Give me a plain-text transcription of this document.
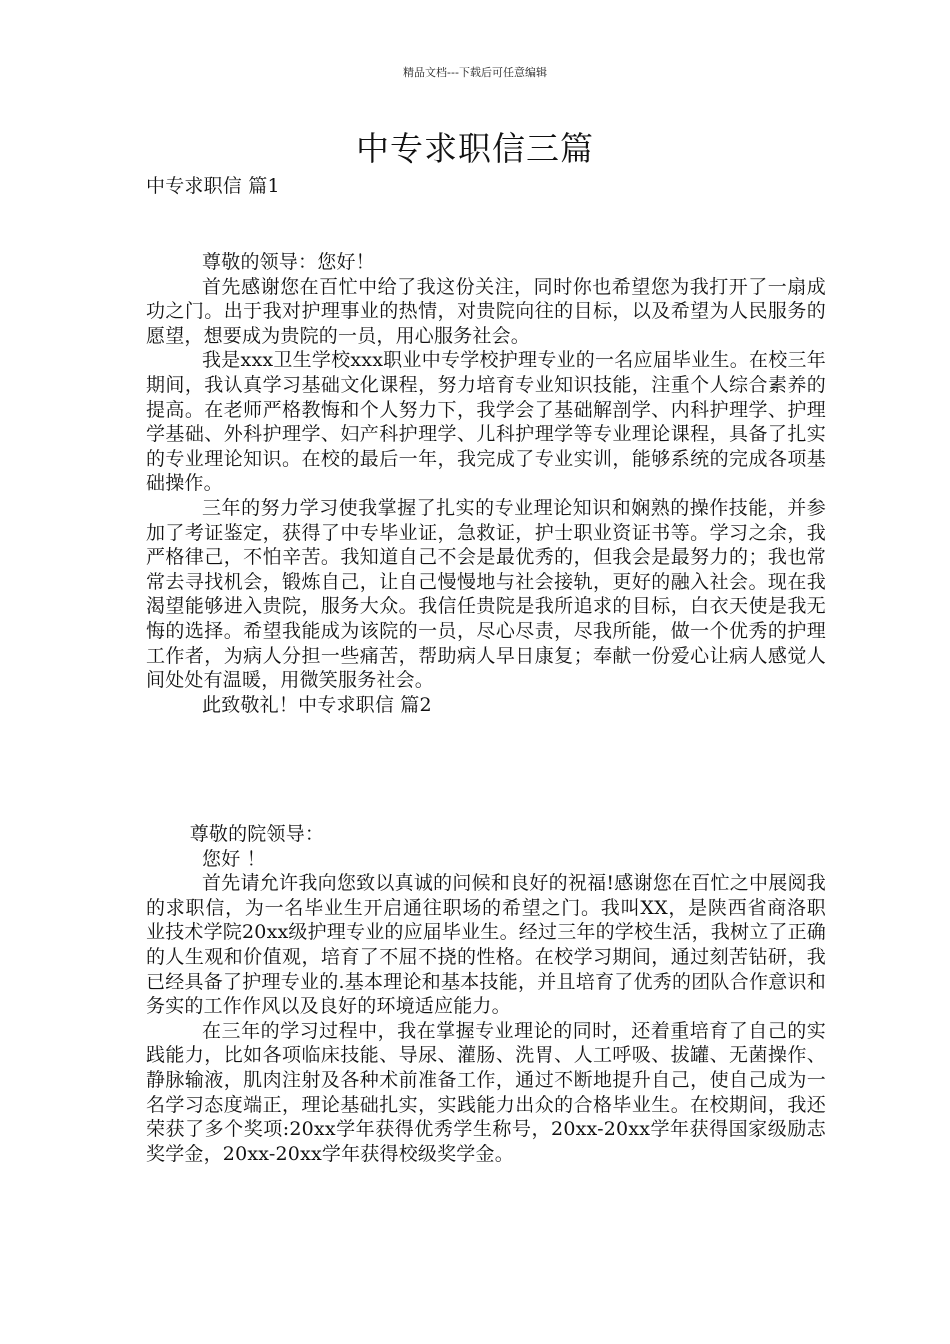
精品文档---下载后可任意编辑
中专求职信三篇

中专求职信 篇1

尊敬的领导：您好！

首先感谢您在百忙中给了我这份关注，同时你也希望您为我打开了一扇成功之门。出于我对护理事业的热情，对贵院向往的目标，以及希望为人民服务的愿望，想要成为贵院的一员，用心服务社会。

我是xxx卫生学校xxx职业中专学校护理专业的一名应届毕业生。在校三年期间，我认真学习基础文化课程，努力培育专业知识技能，注重个人综合素养的提高。在老师严格教悔和个人努力下，我学会了基础解剖学、内科护理学、护理学基础、外科护理学、妇产科护理学、儿科护理学等专业理论课程，具备了扎实的专业理论知识。在校的最后一年，我完成了专业实训，能够系统的完成各项基础操作。

三年的努力学习使我掌握了扎实的专业理论知识和娴熟的操作技能，并参加了考证鉴定，获得了中专毕业证，急救证，护士职业资证书等。学习之余，我严格律己，不怕辛苦。我知道自己不会是最优秀的，但我会是最努力的；我也常常去寻找机会，锻炼自己，让自己慢慢地与社会接轨，更好的融入社会。现在我渴望能够进入贵院，服务大众。我信任贵院是我所追求的目标，白衣天使是我无悔的选择。希望我能成为该院的一员，尽心尽责，尽我所能，做一个优秀的护理工作者，为病人分担一些痛苦，帮助病人早日康复；奉献一份爱心让病人感觉人间处处有温暖，用微笑服务社会。

此致敬礼！中专求职信 篇2

尊敬的院领导：

您好 ！

首先请允许我向您致以真诚的问候和良好的祝福!感谢您在百忙之中展阅我的求职信，为一名毕业生开启通往职场的希望之门。我叫XX，是陕西省商洛职业技术学院20xx级护理专业的应届毕业生。经过三年的学校生活，我树立了正确的人生观和价值观，培育了不屈不挠的性格。在校学习期间，通过刻苦钻研，我已经具备了护理专业的.基本理论和基本技能，并且培育了优秀的团队合作意识和务实的工作作风以及良好的环境适应能力。

在三年的学习过程中，我在掌握专业理论的同时，还着重培育了自己的实践能力，比如各项临床技能、导尿、灌肠、洗胃、人工呼吸、拔罐、无菌操作、静脉输液，肌肉注射及各种术前准备工作，通过不断地提升自己，使自己成为一名学习态度端正，理论基础扎实，实践能力出众的合格毕业生。在校期间，我还荣获了多个奖项:20xx学年获得优秀学生称号，20xx-20xx学年获得国家级励志奖学金，20xx-20xx学年获得校级奖学金。
